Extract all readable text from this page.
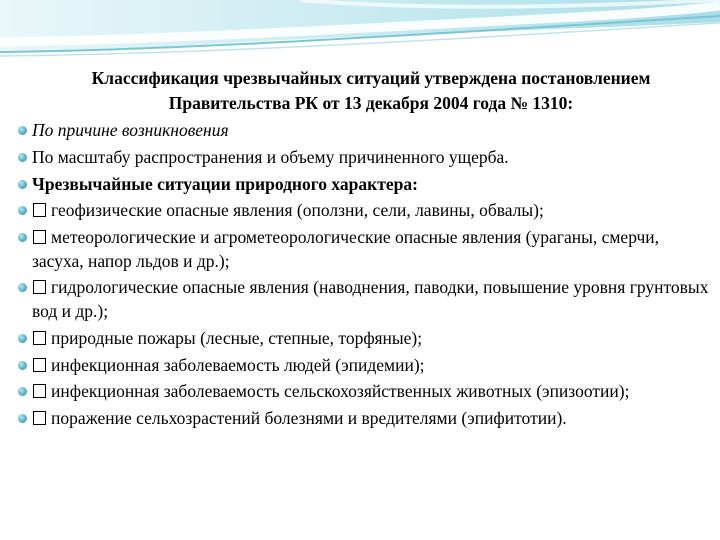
Классификация чрезвычайных ситуаций утверждена постановлением Правительства РК от 13 декабря 2004 года № 1310:
По причине возникновения
По масштабу распространения и объему причиненного ущерба.
Чрезвычайные ситуации природного характера:
геофизические опасные явления (оползни, сели, лавины, обвалы);
метеорологические и агрометеорологические опасные явления (ураганы, смерчи, засуха, напор льдов и др.);
гидрологические опасные явления (наводнения, паводки, повышение уровня грунтовых вод и др.);
природные пожары (лесные, степные, торфяные);
инфекционная заболеваемость людей (эпидемии);
инфекционная заболеваемость сельскохозяйственных животных (эпизоотии);
поражение сельхозрастений болезнями и вредителями (эпифитотии).
